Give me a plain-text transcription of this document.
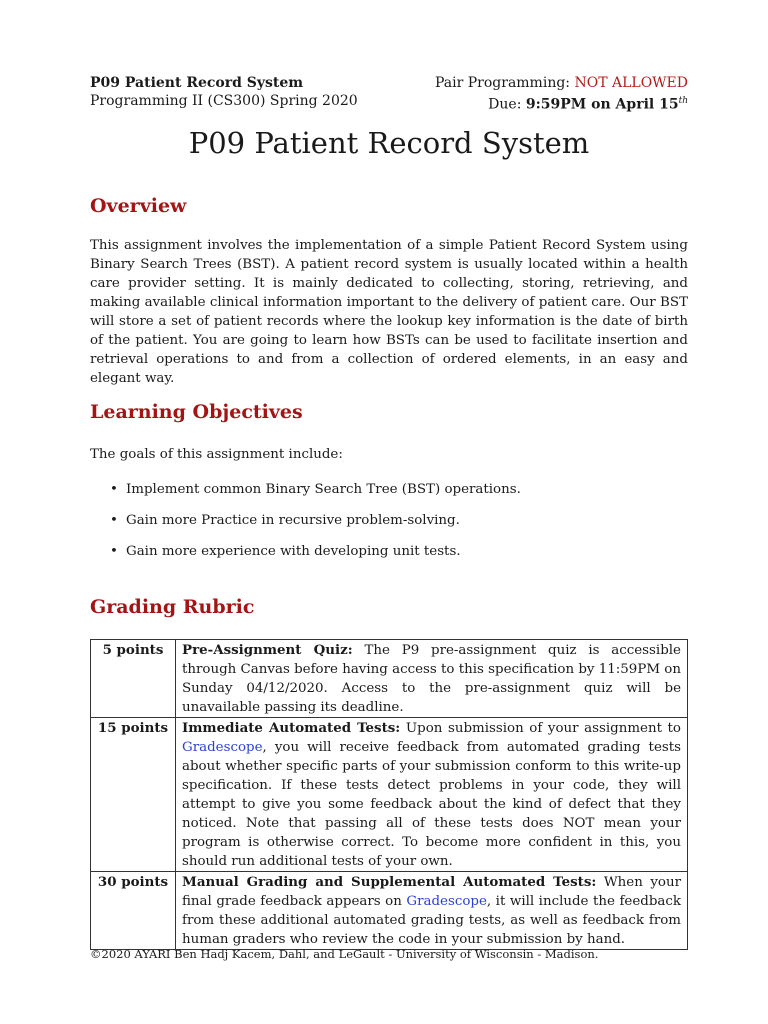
P09 Patient Record System
Programming II (CS300) Spring 2020
Pair Programming: NOT ALLOWED
Due: 9:59PM on April 15th
P09 Patient Record System
Overview

This assignment involves the implementation of a simple Patient Record System using Binary Search Trees (BST). A patient record system is usually located within a health care provider setting. It is mainly dedicated to collecting, storing, retrieving, and making available clinical information important to the delivery of patient care. Our BST will store a set of patient records where the lookup key information is the date of birth of the patient. You are going to learn how BSTs can be used to facilitate insertion and retrieval operations to and from a collection of ordered elements, in an easy and elegant way.

Learning Objectives

The goals of this assignment include:

• Implement common Binary Search Tree (BST) operations.
• Gain more Practice in recursive problem-solving.
• Gain more experience with developing unit tests.
Grading Rubric
5 points	Pre-Assignment Quiz: The P9 pre-assignment quiz is accessible through Canvas before having access to this specification by 11:59PM on Sunday 04/12/2020. Access to the pre-assignment quiz will be unavailable passing its deadline.
15 points	Immediate Automated Tests: Upon submission of your assignment to Gradescope, you will receive feedback from automated grading tests about whether specific parts of your submission conform to this write-up specification. If these tests detect problems in your code, they will attempt to give you some feedback about the kind of defect that they noticed. Note that passing all of these tests does NOT mean your program is otherwise correct. To become more confident in this, you should run additional tests of your own.
30 points	Manual Grading and Supplemental Automated Tests: When your final grade feedback appears on Gradescope, it will include the feedback from these additional automated grading tests, as well as feedback from human graders who review the code in your submission by hand.
©2020 AYARI Ben Hadj Kacem, Dahl, and LeGault - University of Wisconsin - Madison.
